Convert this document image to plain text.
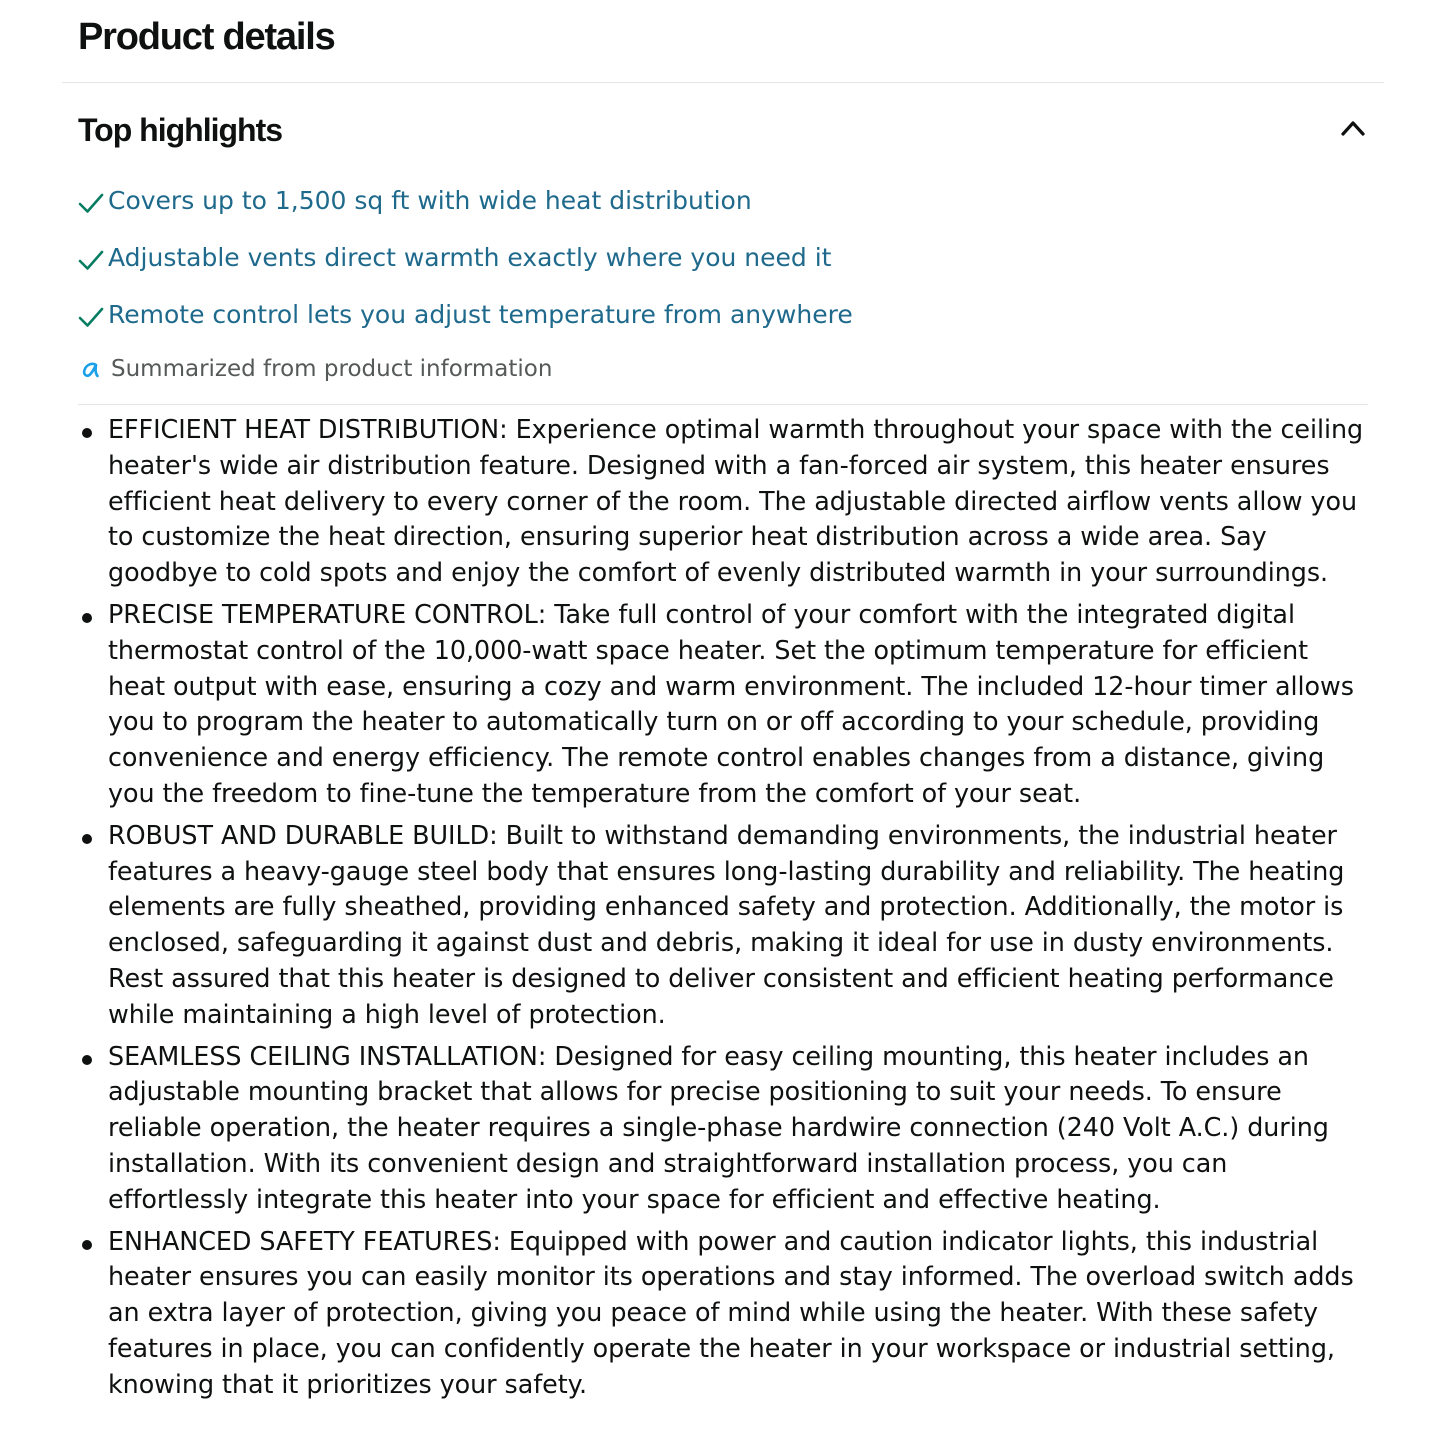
Product details
Top highlights
Covers up to 1,500 sq ft with wide heat distribution
Adjustable vents direct warmth exactly where you need it
Remote control lets you adjust temperature from anywhere
Summarized from product information
EFFICIENT HEAT DISTRIBUTION: Experience optimal warmth throughout your space with the ceiling heater's wide air distribution feature. Designed with a fan-forced air system, this heater ensures efficient heat delivery to every corner of the room. The adjustable directed airflow vents allow you to customize the heat direction, ensuring superior heat distribution across a wide area. Say goodbye to cold spots and enjoy the comfort of evenly distributed warmth in your surroundings.
PRECISE TEMPERATURE CONTROL: Take full control of your comfort with the integrated digital thermostat control of the 10,000-watt space heater. Set the optimum temperature for efficient heat output with ease, ensuring a cozy and warm environment. The included 12-hour timer allows you to program the heater to automatically turn on or off according to your schedule, providing convenience and energy efficiency. The remote control enables changes from a distance, giving you the freedom to fine-tune the temperature from the comfort of your seat.
ROBUST AND DURABLE BUILD: Built to withstand demanding environments, the industrial heater features a heavy-gauge steel body that ensures long-lasting durability and reliability. The heating elements are fully sheathed, providing enhanced safety and protection. Additionally, the motor is enclosed, safeguarding it against dust and debris, making it ideal for use in dusty environments. Rest assured that this heater is designed to deliver consistent and efficient heating performance while maintaining a high level of protection.
SEAMLESS CEILING INSTALLATION: Designed for easy ceiling mounting, this heater includes an adjustable mounting bracket that allows for precise positioning to suit your needs. To ensure reliable operation, the heater requires a single-phase hardwire connection (240 Volt A.C.) during installation. With its convenient design and straightforward installation process, you can effortlessly integrate this heater into your space for efficient and effective heating.
ENHANCED SAFETY FEATURES: Equipped with power and caution indicator lights, this industrial heater ensures you can easily monitor its operations and stay informed. The overload switch adds an extra layer of protection, giving you peace of mind while using the heater. With these safety features in place, you can confidently operate the heater in your workspace or industrial setting, knowing that it prioritizes your safety.
